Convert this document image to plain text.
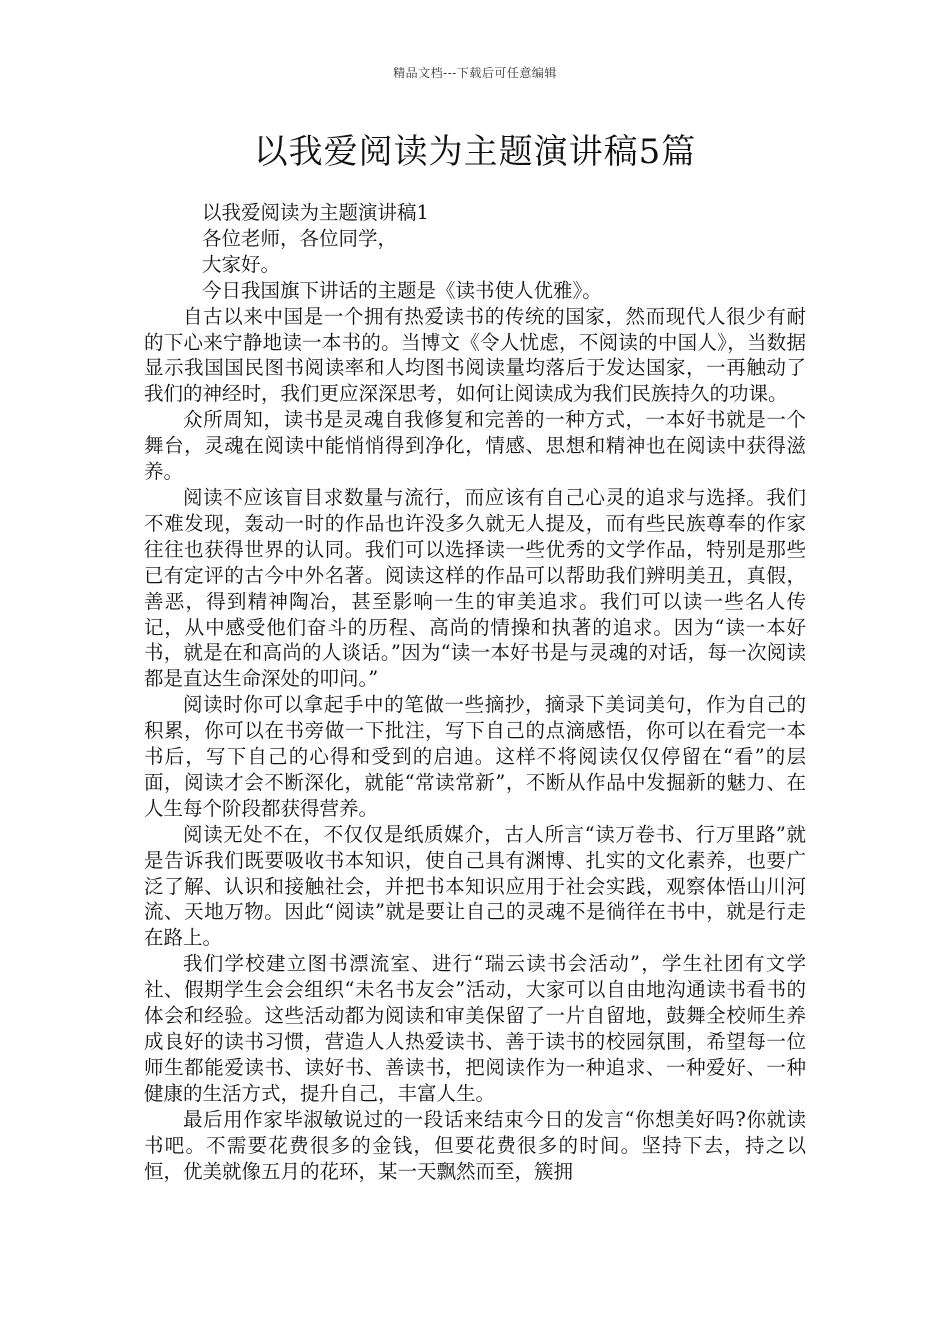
精品文档---下载后可任意编辑
以我爱阅读为主题演讲稿5篇

以我爱阅读为主题演讲稿1

各位老师，各位同学，

大家好。

今日我国旗下讲话的主题是《读书使人优雅》。

自古以来中国是一个拥有热爱读书的传统的国家，然而现代人很少有耐的下心来宁静地读一本书的。当博文《令人忧虑，不阅读的中国人》，当数据显示我国国民图书阅读率和人均图书阅读量均落后于发达国家，一再触动了我们的神经时，我们更应深深思考，如何让阅读成为我们民族持久的功课。

众所周知，读书是灵魂自我修复和完善的一种方式，一本好书就是一个舞台，灵魂在阅读中能悄悄得到净化，情感、思想和精神也在阅读中获得滋养。

阅读不应该盲目求数量与流行，而应该有自己心灵的追求与选择。我们不难发现，轰动一时的作品也许没多久就无人提及，而有些民族尊奉的作家往往也获得世界的认同。我们可以选择读一些优秀的文学作品，特别是那些已有定评的古今中外名著。阅读这样的作品可以帮助我们辨明美丑，真假，善恶，得到精神陶冶，甚至影响一生的审美追求。我们可以读一些名人传记，从中感受他们奋斗的历程、高尚的情操和执著的追求。因为“读一本好书，就是在和高尚的人谈话。”因为“读一本好书是与灵魂的对话，每一次阅读都是直达生命深处的叩问。”

阅读时你可以拿起手中的笔做一些摘抄，摘录下美词美句，作为自己的积累，你可以在书旁做一下批注，写下自己的点滴感悟，你可以在看完一本书后，写下自己的心得和受到的启迪。这样不将阅读仅仅停留在“看”的层面，阅读才会不断深化，就能“常读常新”，不断从作品中发掘新的魅力、在人生每个阶段都获得营养。

阅读无处不在，不仅仅是纸质媒介，古人所言“读万卷书、行万里路”就是告诉我们既要吸收书本知识，使自己具有渊博、扎实的文化素养，也要广泛了解、认识和接触社会，并把书本知识应用于社会实践，观察体悟山川河流、天地万物。因此“阅读”就是要让自己的灵魂不是徜徉在书中，就是行走在路上。

我们学校建立图书漂流室、进行“瑞云读书会活动”，学生社团有文学社、假期学生会会组织“未名书友会”活动，大家可以自由地沟通读书看书的体会和经验。这些活动都为阅读和审美保留了一片自留地，鼓舞全校师生养成良好的读书习惯，营造人人热爱读书、善于读书的校园氛围，希望每一位师生都能爱读书、读好书、善读书，把阅读作为一种追求、一种爱好、一种健康的生活方式，提升自己，丰富人生。

最后用作家毕淑敏说过的一段话来结束今日的发言“你想美好吗?你就读书吧。不需要花费很多的金钱，但要花费很多的时间。坚持下去，持之以恒，优美就像五月的花环，某一天飘然而至，簇拥
